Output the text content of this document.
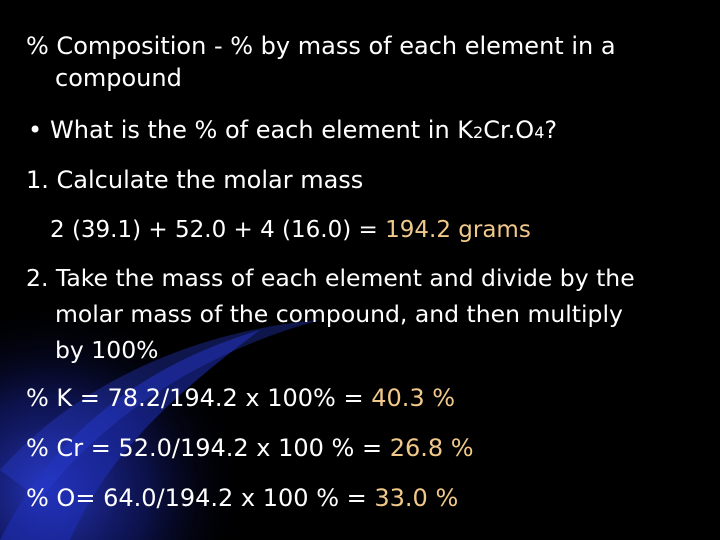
% Composition - % by mass of each element in a
compound
• What is the % of each element in K2Cr.O4?
1. Calculate the molar mass
2 (39.1) + 52.0 + 4 (16.0) = 194.2 grams
2. Take the mass of each element and divide by the
molar mass of the compound, and then multiply
by 100%
% K = 78.2/194.2 x 100% = 40.3 %
% Cr = 52.0/194.2 x 100 % = 26.8 %
% O= 64.0/194.2 x 100 % = 33.0 %
